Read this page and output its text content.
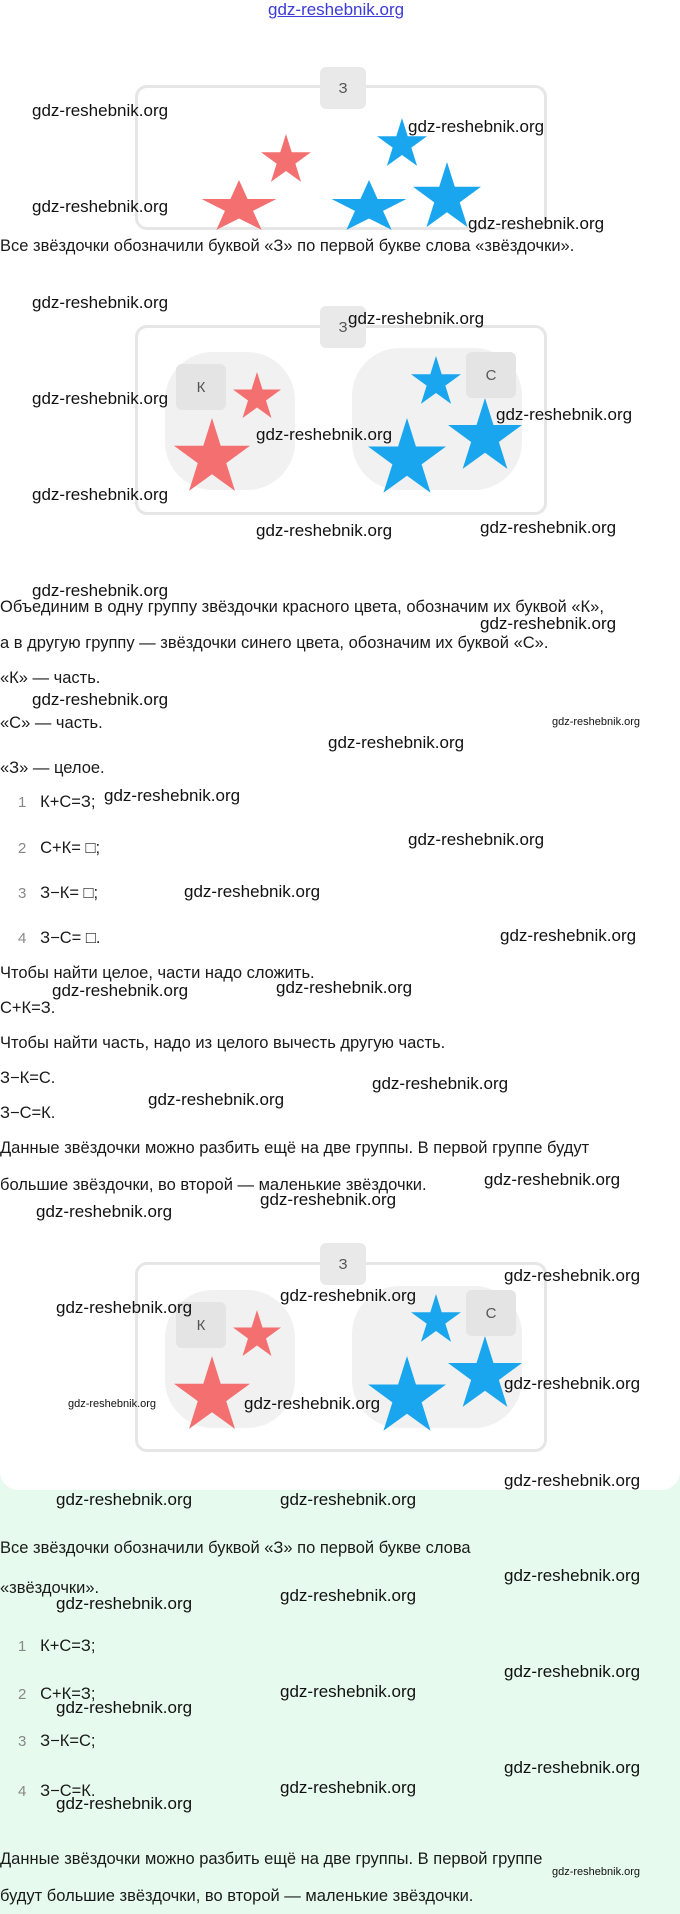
gdz-reshebnik.org
З
Все звёздочки обозначили буквой «З» по первой букве слова «звёздочки».
З
К
С
Объединим в одну группу звёздочки красного цвета, обозначим их буквой «К»,
а в другую группу — звёздочки синего цвета, обозначим их буквой «С».
«К» — часть.
«С» — часть.
«З» — целое.
1 К+С=З;
2 С+К= □;
3 З−К= □;
4 З−С= □.
Чтобы найти целое, части надо сложить.
С+К=З.
Чтобы найти часть, надо из целого вычесть другую часть.
З−К=С.
З−С=К.
Данные звёздочки можно разбить ещё на две группы. В первой группе будут
большие звёздочки, во второй — маленькие звёздочки.
З
К
С
Все звёздочки обозначили буквой «З» по первой букве слова
«звёздочки».
1 К+С=З;
2 С+К=З;
3 З−К=С;
4 З−С=К.
Данные звёздочки можно разбить ещё на две группы. В первой группе
будут большие звёздочки, во второй — маленькие звёздочки.
gdz-reshebnik.org
gdz-reshebnik.org
gdz-reshebnik.org
gdz-reshebnik.org
gdz-reshebnik.org
gdz-reshebnik.org
gdz-reshebnik.org
gdz-reshebnik.org
gdz-reshebnik.org
gdz-reshebnik.org
gdz-reshebnik.org	gdz-reshebnik.org
gdz-reshebnik.org
gdz-reshebnik.org
gdz-reshebnik.org
gdz-reshebnik.org
gdz-reshebnik.org
gdz-reshebnik.org
gdz-reshebnik.org
gdz-reshebnik.org
gdz-reshebnik.org
gdz-reshebnik.org	gdz-reshebnik.org
gdz-reshebnik.org
gdz-reshebnik.org
gdz-reshebnik.org
gdz-reshebnik.org
gdz-reshebnik.org
gdz-reshebnik.org
gdz-reshebnik.org
gdz-reshebnik.org
gdz-reshebnik.org	gdz-reshebnik.org
gdz-reshebnik.org
gdz-reshebnik.org
gdz-reshebnik.org	gdz-reshebnik.org
gdz-reshebnik.org
gdz-reshebnik.org	gdz-reshebnik.org
gdz-reshebnik.org
gdz-reshebnik.org
gdz-reshebnik.org
gdz-reshebnik.org
gdz-reshebnik.org
gdz-reshebnik.org
gdz-reshebnik.org
